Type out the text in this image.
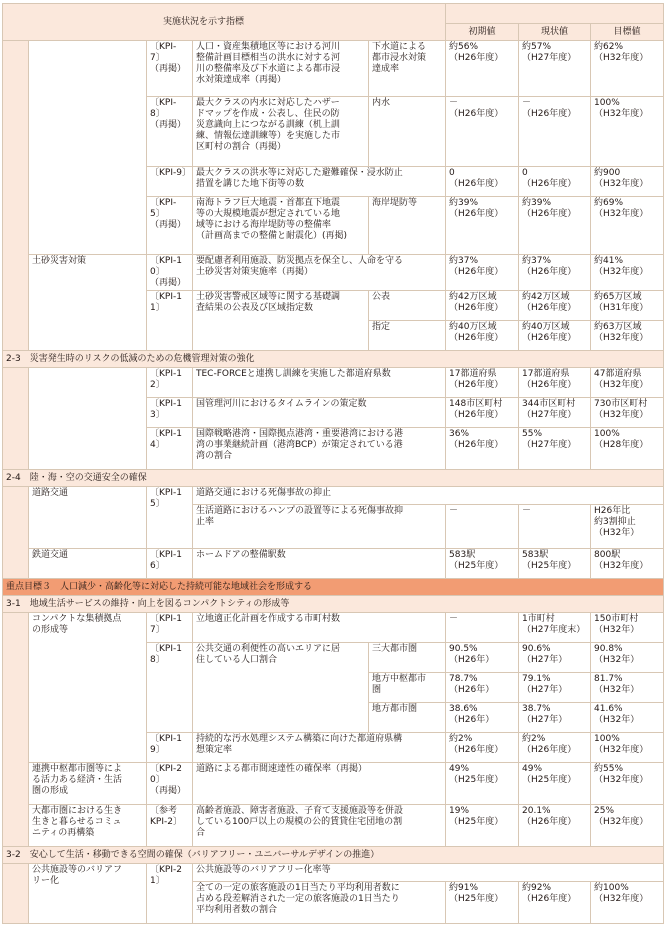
実施状況を示す指標							
					初期値	現状値	目標値
		〔KPI-7〕
（再掲）	人口・資産集積地区等における河川
整備計画目標相当の洪水に対する河
川の整備率及び下水道による都市浸
水対策達成率（再掲）	下水道による
都市浸水対策
達成率	約56%
（H26年度）	約57%
（H27年度）	約62%
（H32年度）
		〔KPI-8〕
（再掲）	最大クラスの内水に対応したハザー
ドマップを作成・公表し、住民の防
災意識向上につながる訓練（机上訓
練、情報伝達訓練等）を実施した市
区町村の割合（再掲）	内水	－
（H26年度）	－
（H26年度）	100%
（H32年度）
		〔KPI-9〕	最大クラスの洪水等に対応した避難確保・浸水防止
措置を講じた地下街等の数		0
（H26年度）	0
（H26年度）	約900
（H32年度）
		〔KPI-5〕
（再掲）	南海トラフ巨大地震・首都直下地震
等の大規模地震が想定されている地
域等における海岸堤防等の整備率
（計画高までの整備と耐震化）(再掲)	海岸堤防等	約39%
（H26年度）	約39%
（H26年度）	約69%
（H32年度）
	土砂災害対策	〔KPI-10〕
（再掲）	要配慮者利用施設、防災拠点を保全し、人命を守る
土砂災害対策実施率（再掲）		約37%
（H26年度）	約37%
（H26年度）	約41%
（H32年度）
		〔KPI-11〕	土砂災害警戒区域等に関する基礎調
査結果の公表及び区域指定数	公表	約42万区域
（H26年度）	約42万区域
（H26年度）	約65万区域
（H31年度）
				指定	約40万区域
（H26年度）	約40万区域
（H26年度）	約63万区域
（H32年度）
2-3　災害発生時のリスクの低減のための危機管理対策の強化							
		〔KPI-12〕	TEC-FORCEと連携し訓練を実施した都道府県数		17都道府県
（H26年度）	17都道府県
（H26年度）	47都道府県
（H32年度）
		〔KPI-13〕	国管理河川におけるタイムラインの策定数		148市区町村
（H26年度）	344市区町村
（H27年度）	730市区町村
（H32年度）
		〔KPI-14〕	国際戦略港湾・国際拠点港湾・重要港湾における港
湾の事業継続計画（港湾BCP）が策定されている港
湾の割合		36%
（H26年度）	55%
（H27年度）	100%
（H28年度）
2-4　陸・海・空の交通安全の確保							
	道路交通	〔KPI-15〕	道路交通における死傷事故の抑止				
			生活道路におけるハンプの設置等による死傷事故抑
止率		－	－	H26年比
約3割抑止
（H32年）
	鉄道交通	〔KPI-16〕	ホームドアの整備駅数		583駅
（H25年度）	583駅
（H25年度）	800駅
（H32年度）
重点目標３　人口減少・高齢化等に対応した持続可能な地域社会を形成する							
3-1　地域生活サービスの維持・向上を図るコンパクトシティの形成等							
	コンパクトな集積拠点
の形成等	〔KPI-17〕	立地適正化計画を作成する市町村数		－	1市町村
（H27年度末）	150市町村
（H32年）
		〔KPI-18〕	公共交通の利便性の高いエリアに居
住している人口割合	三大都市圏	90.5%
（H26年）	90.6%
（H27年）	90.8%
（H32年）
				地方中枢都市
圏	78.7%
（H26年）	79.1%
（H27年）	81.7%
（H32年）
				地方都市圏	38.6%
（H26年）	38.7%
（H27年）	41.6%
（H32年）
		〔KPI-19〕	持続的な汚水処理システム構築に向けた都道府県構
想策定率		約2%
（H26年度）	約2%
（H26年度）	100%
（H32年度）
	連携中枢都市圏等によ
る活力ある経済・生活
圏の形成	〔KPI-20〕
（再掲）	道路による都市間速達性の確保率（再掲）		49%
（H25年度）	49%
（H25年度）	約55%
（H32年度）
	大都市圏における生き
生きと暮らせるコミュ
ニティの再構築	〔参考
KPI-2〕	高齢者施設、障害者施設、子育て支援施設等を併設
している100戸以上の規模の公的賃貸住宅団地の割
合		19%
（H25年度）	20.1%
（H26年度）	25%
（H32年度）
3-2　安心して生活・移動できる空間の確保（バリアフリー・ユニバーサルデザインの推進）							
	公共施設等のバリアフ
リー化	〔KPI-21〕	公共施設等のバリアフリー化率等				
			全ての一定の旅客施設の1日当たり平均利用者数に
占める段差解消された一定の旅客施設の1日当たり
平均利用者数の割合		約91%
（H25年度）	約92%
（H26年度）	約100%
（H32年度）
